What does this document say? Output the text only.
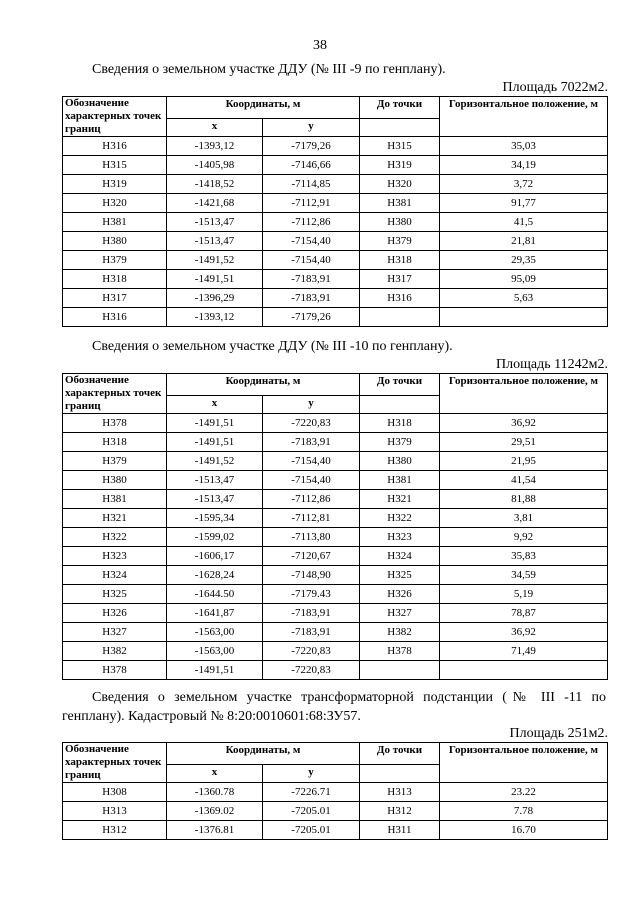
38
Сведения о земельном участке ДДУ (№ III -9 по генплану).
Площадь 7022м2.
Обозначение характерных точек границ	Координаты, м		До точки	Горизонтальное положение, м
	x	y		
Н316	-1393,12	-7179,26	Н315	35,03
Н315	-1405,98	-7146,66	Н319	34,19
Н319	-1418,52	-7114,85	Н320	3,72
Н320	-1421,68	-7112,91	Н381	91,77
Н381	-1513,47	-7112,86	Н380	41,5
Н380	-1513,47	-7154,40	Н379	21,81
Н379	-1491,52	-7154,40	Н318	29,35
Н318	-1491,51	-7183,91	Н317	95,09
Н317	-1396,29	-7183,91	Н316	5,63
Н316	-1393,12	-7179,26		
Сведения о земельном участке ДДУ (№ III -10 по генплану).
Площадь 11242м2.
Обозначение характерных точек границ	Координаты, м		До точки	Горизонтальное положение, м
	x	y		
Н378	-1491,51	-7220,83	Н318	36,92
Н318	-1491,51	-7183,91	Н379	29,51
Н379	-1491,52	-7154,40	Н380	21,95
Н380	-1513,47	-7154,40	Н381	41,54
Н381	-1513,47	-7112,86	Н321	81,88
Н321	-1595,34	-7112,81	Н322	3,81
Н322	-1599,02	-7113,80	Н323	9,92
Н323	-1606,17	-7120,67	Н324	35,83
Н324	-1628,24	-7148,90	Н325	34,59
Н325	-1644.50	-7179.43	Н326	5,19
Н326	-1641,87	-7183,91	Н327	78,87
Н327	-1563,00	-7183,91	Н382	36,92
Н382	-1563,00	-7220,83	Н378	71,49
Н378	-1491,51	-7220,83		
Сведения о земельном участке трансформаторной подстанции (№ III -11 по
генплану). Кадастровый № 8:20:0010601:68:ЗУ57.
Площадь 251м2.
Обозначение характерных точек границ	Координаты, м		До точки	Горизонтальное положение, м
	x	y		
Н308	-1360.78	-7226.71	Н313	23.22
Н313	-1369.02	-7205.01	Н312	7.78
Н312	-1376.81	-7205.01	Н311	16.70
